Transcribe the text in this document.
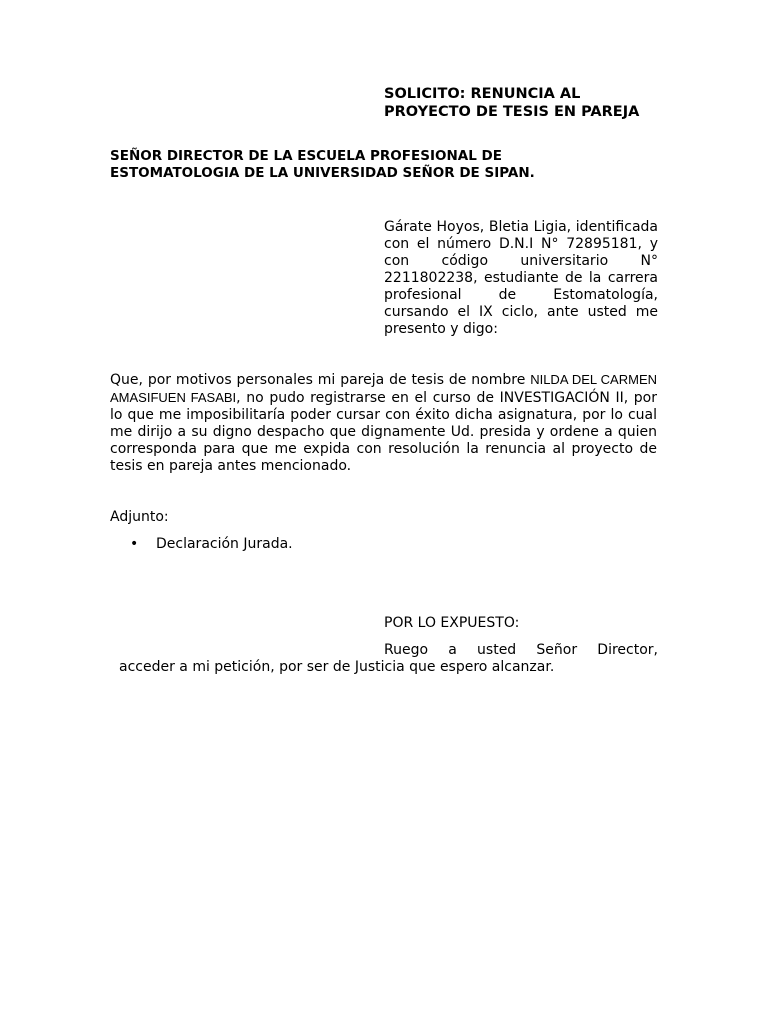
SOLICITO: RENUNCIA AL
PROYECTO DE TESIS EN PAREJA
SEÑOR DIRECTOR DE LA ESCUELA PROFESIONAL DE
ESTOMATOLOGIA DE LA UNIVERSIDAD SEÑOR DE SIPAN.
Gárate Hoyos, Bletia Ligia, identificada con el número D.N.I N° 72895181, y con código universitario N° 2211802238, estudiante de la carrera profesional de Estomatología, cursando el IX ciclo, ante usted me presento y digo:
Que, por motivos personales mi pareja de tesis de nombre NILDA DEL CARMEN AMASIFUEN FASABI, no pudo registrarse en el curso de INVESTIGACIÓN II, por lo que me imposibilitaría poder cursar con éxito dicha asignatura, por lo cual me dirijo a su digno despacho que dignamente Ud. presida y ordene a quien corresponda para que me expida con resolución la renuncia al proyecto de tesis en pareja antes mencionado.
Adjunto:
• Declaración Jurada.
POR LO EXPUESTO:
Ruego a usted Señor Director,
acceder a mi petición, por ser de Justicia que espero alcanzar.
